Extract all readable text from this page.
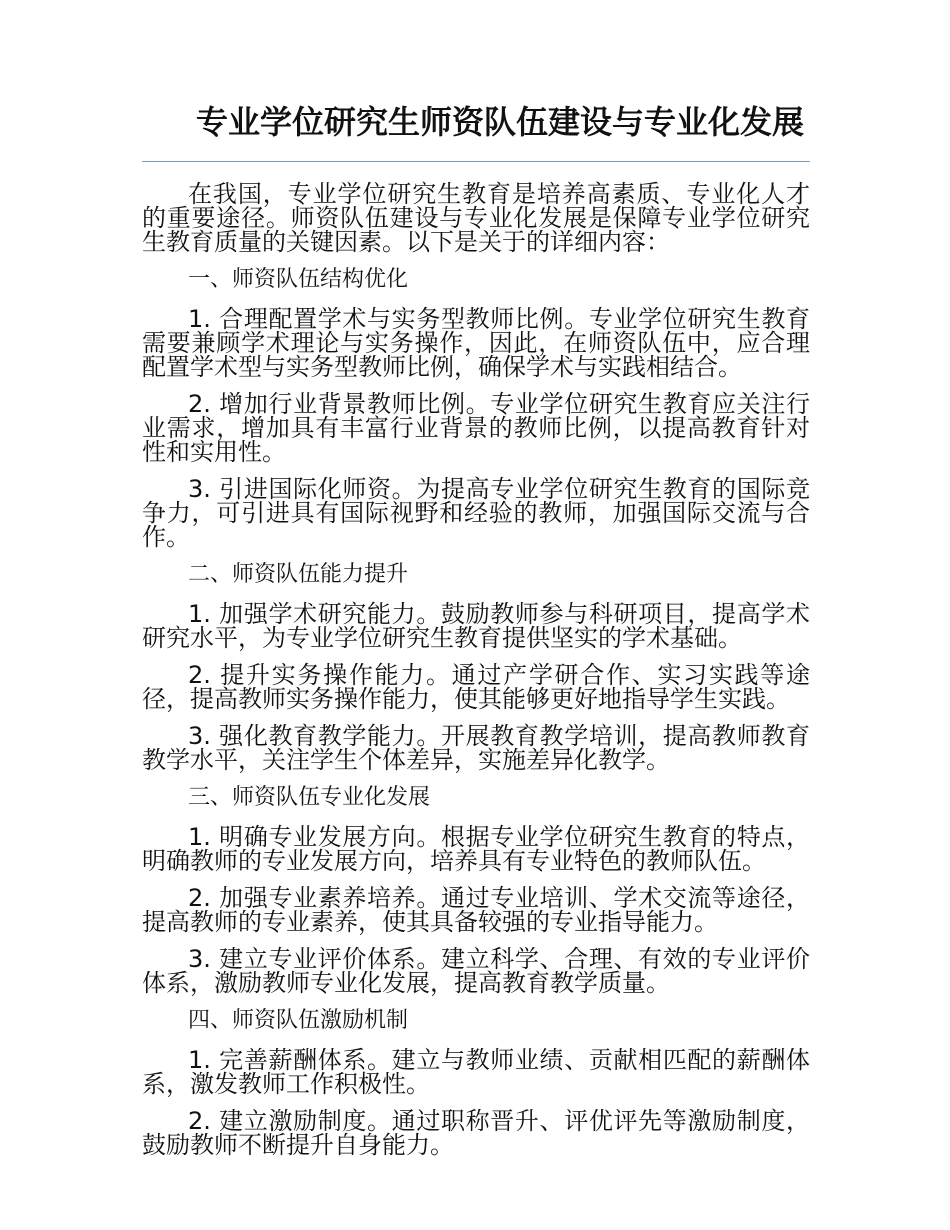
专业学位研究生师资队伍建设与专业化发展

在我国，专业学位研究生教育是培养高素质、专业化人才的重要途径。师资队伍建设与专业化发展是保障专业学位研究生教育质量的关键因素。以下是关于的详细内容：

一、师资队伍结构优化

1. 合理配置学术与实务型教师比例。专业学位研究生教育需要兼顾学术理论与实务操作，因此，在师资队伍中，应合理配置学术型与实务型教师比例，确保学术与实践相结合。

2. 增加行业背景教师比例。专业学位研究生教育应关注行业需求，增加具有丰富行业背景的教师比例，以提高教育针对性和实用性。

3. 引进国际化师资。为提高专业学位研究生教育的国际竞争力，可引进具有国际视野和经验的教师，加强国际交流与合作。

二、师资队伍能力提升

1. 加强学术研究能力。鼓励教师参与科研项目，提高学术研究水平，为专业学位研究生教育提供坚实的学术基础。

2. 提升实务操作能力。通过产学研合作、实习实践等途径，提高教师实务操作能力，使其能够更好地指导学生实践。

3. 强化教育教学能力。开展教育教学培训，提高教师教育教学水平，关注学生个体差异，实施差异化教学。

三、师资队伍专业化发展

1. 明确专业发展方向。根据专业学位研究生教育的特点，明确教师的专业发展方向，培养具有专业特色的教师队伍。

2. 加强专业素养培养。通过专业培训、学术交流等途径，提高教师的专业素养，使其具备较强的专业指导能力。

3. 建立专业评价体系。建立科学、合理、有效的专业评价体系，激励教师专业化发展，提高教育教学质量。

四、师资队伍激励机制

1. 完善薪酬体系。建立与教师业绩、贡献相匹配的薪酬体系，激发教师工作积极性。

2. 建立激励制度。通过职称晋升、评优评先等激励制度，鼓励教师不断提升自身能力。
